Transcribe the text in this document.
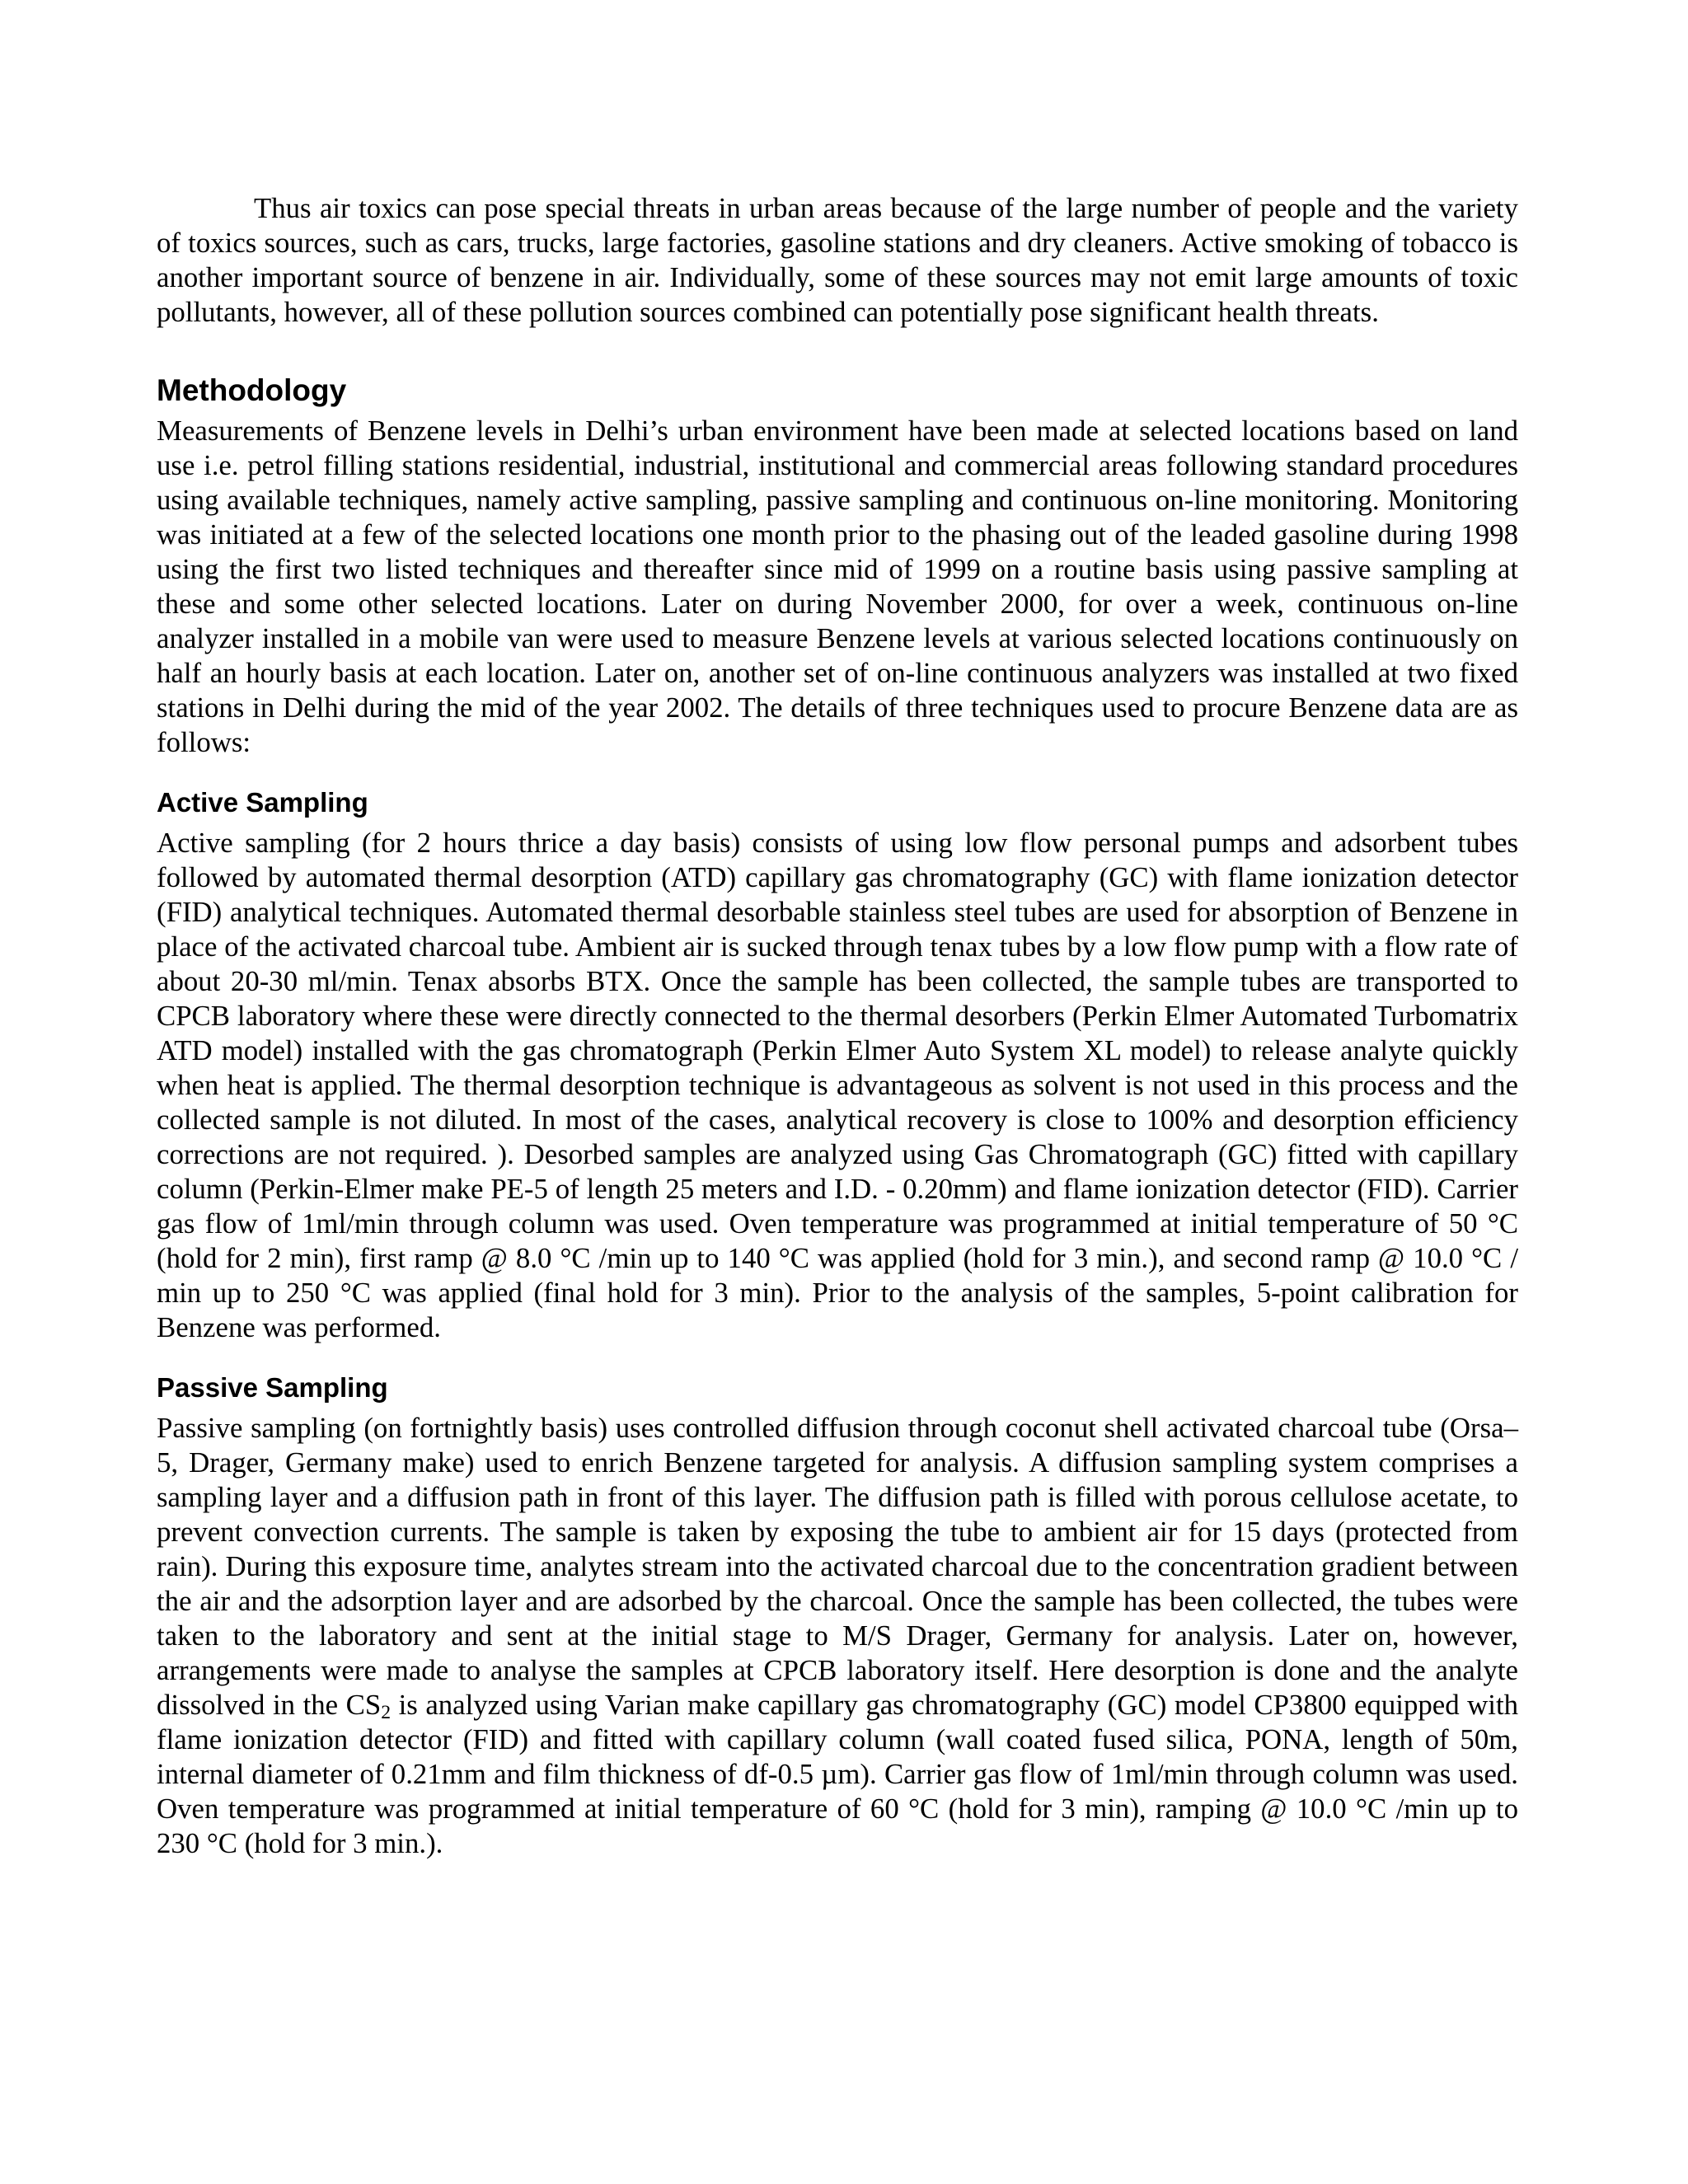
Thus air toxics can pose special threats in urban areas because of the large number of people and the variety of toxics sources, such as cars, trucks, large factories, gasoline stations and dry cleaners. Active smoking of tobacco is another important source of benzene in air. Individually, some of these sources may not emit large amounts of toxic pollutants, however, all of these pollution sources combined can potentially pose significant health threats.

Methodology

Measurements of Benzene levels in Delhi’s urban environment have been made at selected locations based on land use i.e. petrol filling stations residential, industrial, institutional and commercial areas following standard procedures using available techniques, namely active sampling, passive sampling and continuous on-line monitoring. Monitoring was initiated at a few of the selected locations one month prior to the phasing out of the leaded gasoline during 1998 using the first two listed techniques and thereafter since mid of 1999 on a routine basis using passive sampling at these and some other selected locations. Later on during November 2000, for over a week, continuous on-line analyzer installed in a mobile van were used to measure Benzene levels at various selected locations continuously on half an hourly basis at each location. Later on, another set of on-line continuous analyzers was installed at two fixed stations in Delhi during the mid of the year 2002. The details of three techniques used to procure Benzene data are as follows:

Active Sampling

Active sampling (for 2 hours thrice a day basis) consists of using low flow personal pumps and adsorbent tubes followed by automated thermal desorption (ATD) capillary gas chromatography (GC) with flame ionization detector (FID) analytical techniques. Automated thermal desorbable stainless steel tubes are used for absorption of Benzene in place of the activated charcoal tube. Ambient air is sucked through tenax tubes by a low flow pump with a flow rate of about 20-30 ml/min. Tenax absorbs BTX. Once the sample has been collected, the sample tubes are transported to CPCB laboratory where these were directly connected to the thermal desorbers (Perkin Elmer Automated Turbomatrix ATD model) installed with the gas chromatograph (Perkin Elmer Auto System XL model) to release analyte quickly when heat is applied. The thermal desorption technique is advantageous as solvent is not used in this process and the collected sample is not diluted. In most of the cases, analytical recovery is close to 100% and desorption efficiency corrections are not required. ). Desorbed samples are analyzed using Gas Chromatograph (GC) fitted with capillary column (Perkin-Elmer make PE-5 of length 25 meters and I.D. - 0.20mm) and flame ionization detector (FID). Carrier gas flow of 1ml/min through column was used. Oven temperature was programmed at initial temperature of 50 °C (hold for 2 min), first ramp @ 8.0 °C /min up to 140 °C was applied (hold for 3 min.), and second ramp @ 10.0 °C / min up to 250 °C was applied (final hold for 3 min). Prior to the analysis of the samples, 5-point calibration for Benzene was performed.

Passive Sampling

Passive sampling (on fortnightly basis) uses controlled diffusion through coconut shell activated charcoal tube (Orsa–5, Drager, Germany make) used to enrich Benzene targeted for analysis. A diffusion sampling system comprises a sampling layer and a diffusion path in front of this layer. The diffusion path is filled with porous cellulose acetate, to prevent convection currents. The sample is taken by exposing the tube to ambient air for 15 days (protected from rain). During this exposure time, analytes stream into the activated charcoal due to the concentration gradient between the air and the adsorption layer and are adsorbed by the charcoal. Once the sample has been collected, the tubes were taken to the laboratory and sent at the initial stage to M/S Drager, Germany for analysis. Later on, however, arrangements were made to analyse the samples at CPCB laboratory itself. Here desorption is done and the analyte dissolved in the $CS_2$ is analyzed using Varian make capillary gas chromatography (GC) model CP3800 equipped with flame ionization detector (FID) and fitted with capillary column (wall coated fused silica, PONA, length of 50m, internal diameter of 0.21mm and film thickness of df-0.5 µm). Carrier gas flow of 1ml/min through column was used. Oven temperature was programmed at initial temperature of 60 °C (hold for 3 min), ramping @ 10.0 °C /min up to 230 °C (hold for 3 min.).
